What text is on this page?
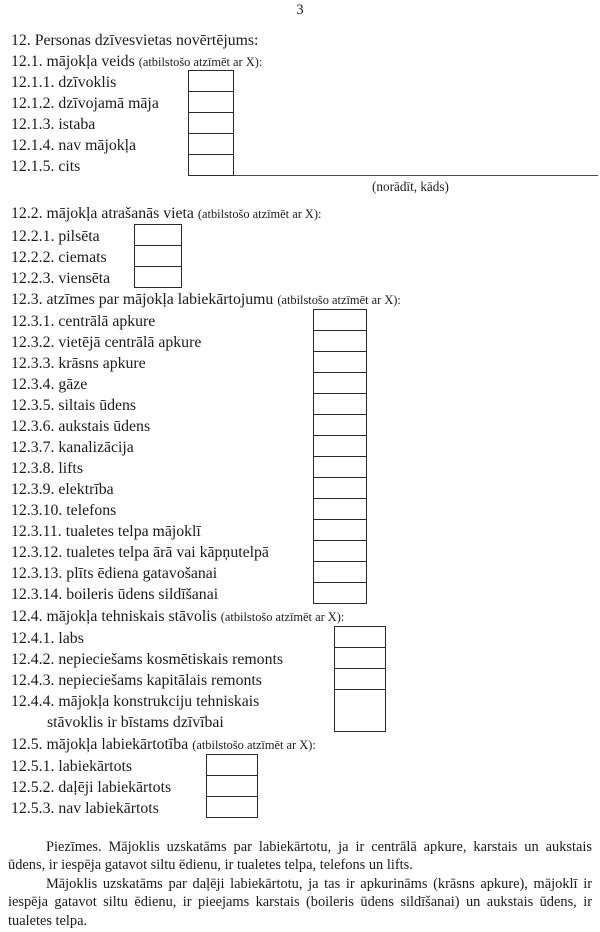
3
12. Personas dzīvesvietas novērtējums:
12.1. mājokļa veids (atbilstošo atzīmēt ar X):
12.1.1. dzīvoklis
12.1.2. dzīvojamā māja
12.1.3. istaba
12.1.4. nav mājokļa
12.1.5. cits
(norādīt, kāds)
12.2. mājokļa atrašanās vieta (atbilstošo atzīmēt ar X):
12.2.1. pilsēta
12.2.2. ciemats
12.2.3. viensēta
12.3. atzīmes par mājokļa labiekārtojumu (atbilstošo atzīmēt ar X):
12.3.1. centrālā apkure
12.3.2. vietējā centrālā apkure
12.3.3. krāsns apkure
12.3.4. gāze
12.3.5. siltais ūdens
12.3.6. aukstais ūdens
12.3.7. kanalizācija
12.3.8. lifts
12.3.9. elektrība
12.3.10. telefons
12.3.11. tualetes telpa mājoklī
12.3.12. tualetes telpa ārā vai kāpņutelpā
12.3.13. plīts ēdiena gatavošanai
12.3.14. boileris ūdens sildīšanai
12.4. mājokļa tehniskais stāvolis (atbilstošo atzīmēt ar X):
12.4.1. labs
12.4.2. nepieciešams kosmētiskais remonts
12.4.3. nepieciešams kapitālais remonts
12.4.4. mājokļa konstrukciju tehniskais
stāvoklis ir bīstams dzīvībai
12.5. mājokļa labiekārtotība (atbilstošo atzīmēt ar X):
12.5.1. labiekārtots
12.5.2. daļēji labiekārtots
12.5.3. nav labiekārtots

Piezīmes. Mājoklis uzskatāms par labiekārtotu, ja ir centrālā apkure, karstais un aukstais ūdens, ir iespēja gatavot siltu ēdienu, ir tualetes telpa, telefons un lifts.

Mājoklis uzskatāms par daļēji labiekārtotu, ja tas ir apkurināms (krāsns apkure), mājoklī ir iespēja gatavot siltu ēdienu, ir pieejams karstais (boileris ūdens sildīšanai) un aukstais ūdens, ir tualetes telpa.
